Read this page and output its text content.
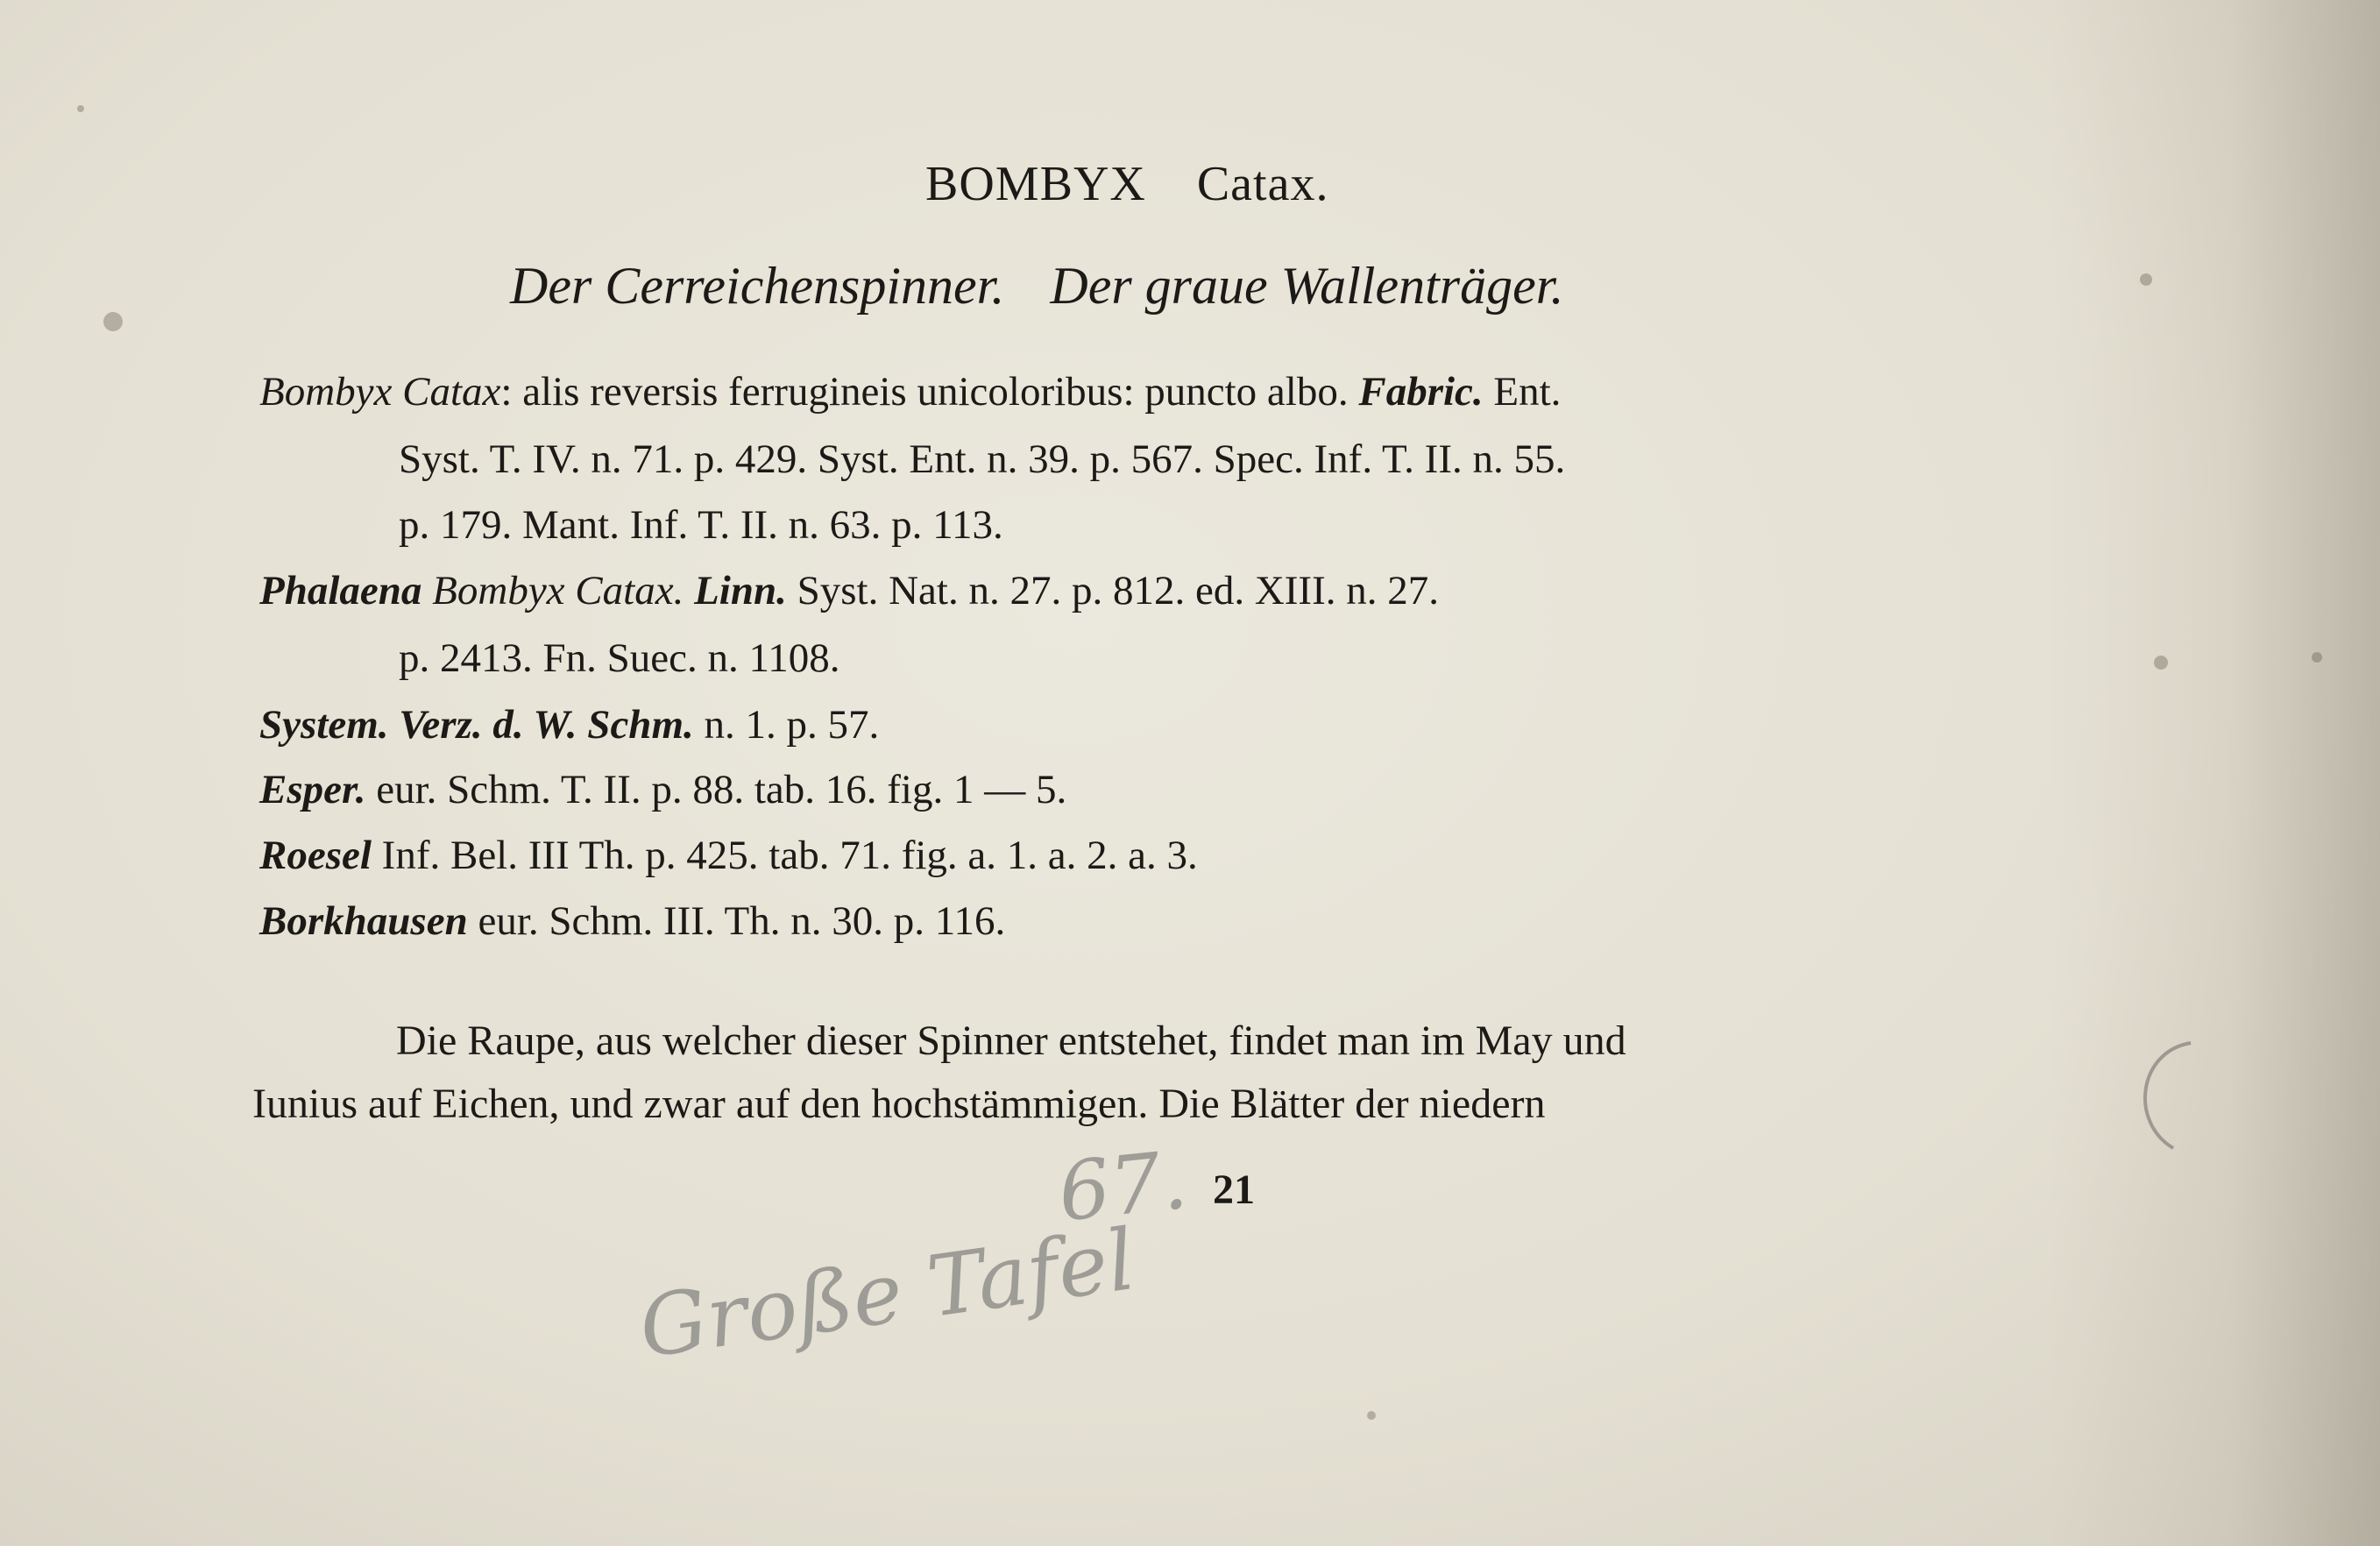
BOMBYX Catax.
Der Cerreichenspinner. Der graue Wallenträger.
Bombyx Catax: alis reversis ferrugineis unicoloribus: puncto albo. Fabric. Ent.
Syst. T. IV. n. 71. p. 429. Syst. Ent. n. 39. p. 567. Spec. Inf. T. II. n. 55.
p. 179. Mant. Inf. T. II. n. 63. p. 113.
Phalaena Bombyx Catax. Linn. Syst. Nat. n. 27. p. 812. ed. XIII. n. 27.
p. 2413. Fn. Suec. n. 1108.
System. Verz. d. W. Schm. n. 1. p. 57.
Esper. eur. Schm. T. II. p. 88. tab. 16. fig. 1 — 5.
Roesel Inf. Bel. III Th. p. 425. tab. 71. fig. a. 1. a. 2. a. 3.
Borkhausen eur. Schm. III. Th. n. 30. p. 116.
Die Raupe, aus welcher dieser Spinner entstehet, findet man im May und
Iunius auf Eichen, und zwar auf den hochstämmigen. Die Blätter der niedern
67. 21
Große Tafel
